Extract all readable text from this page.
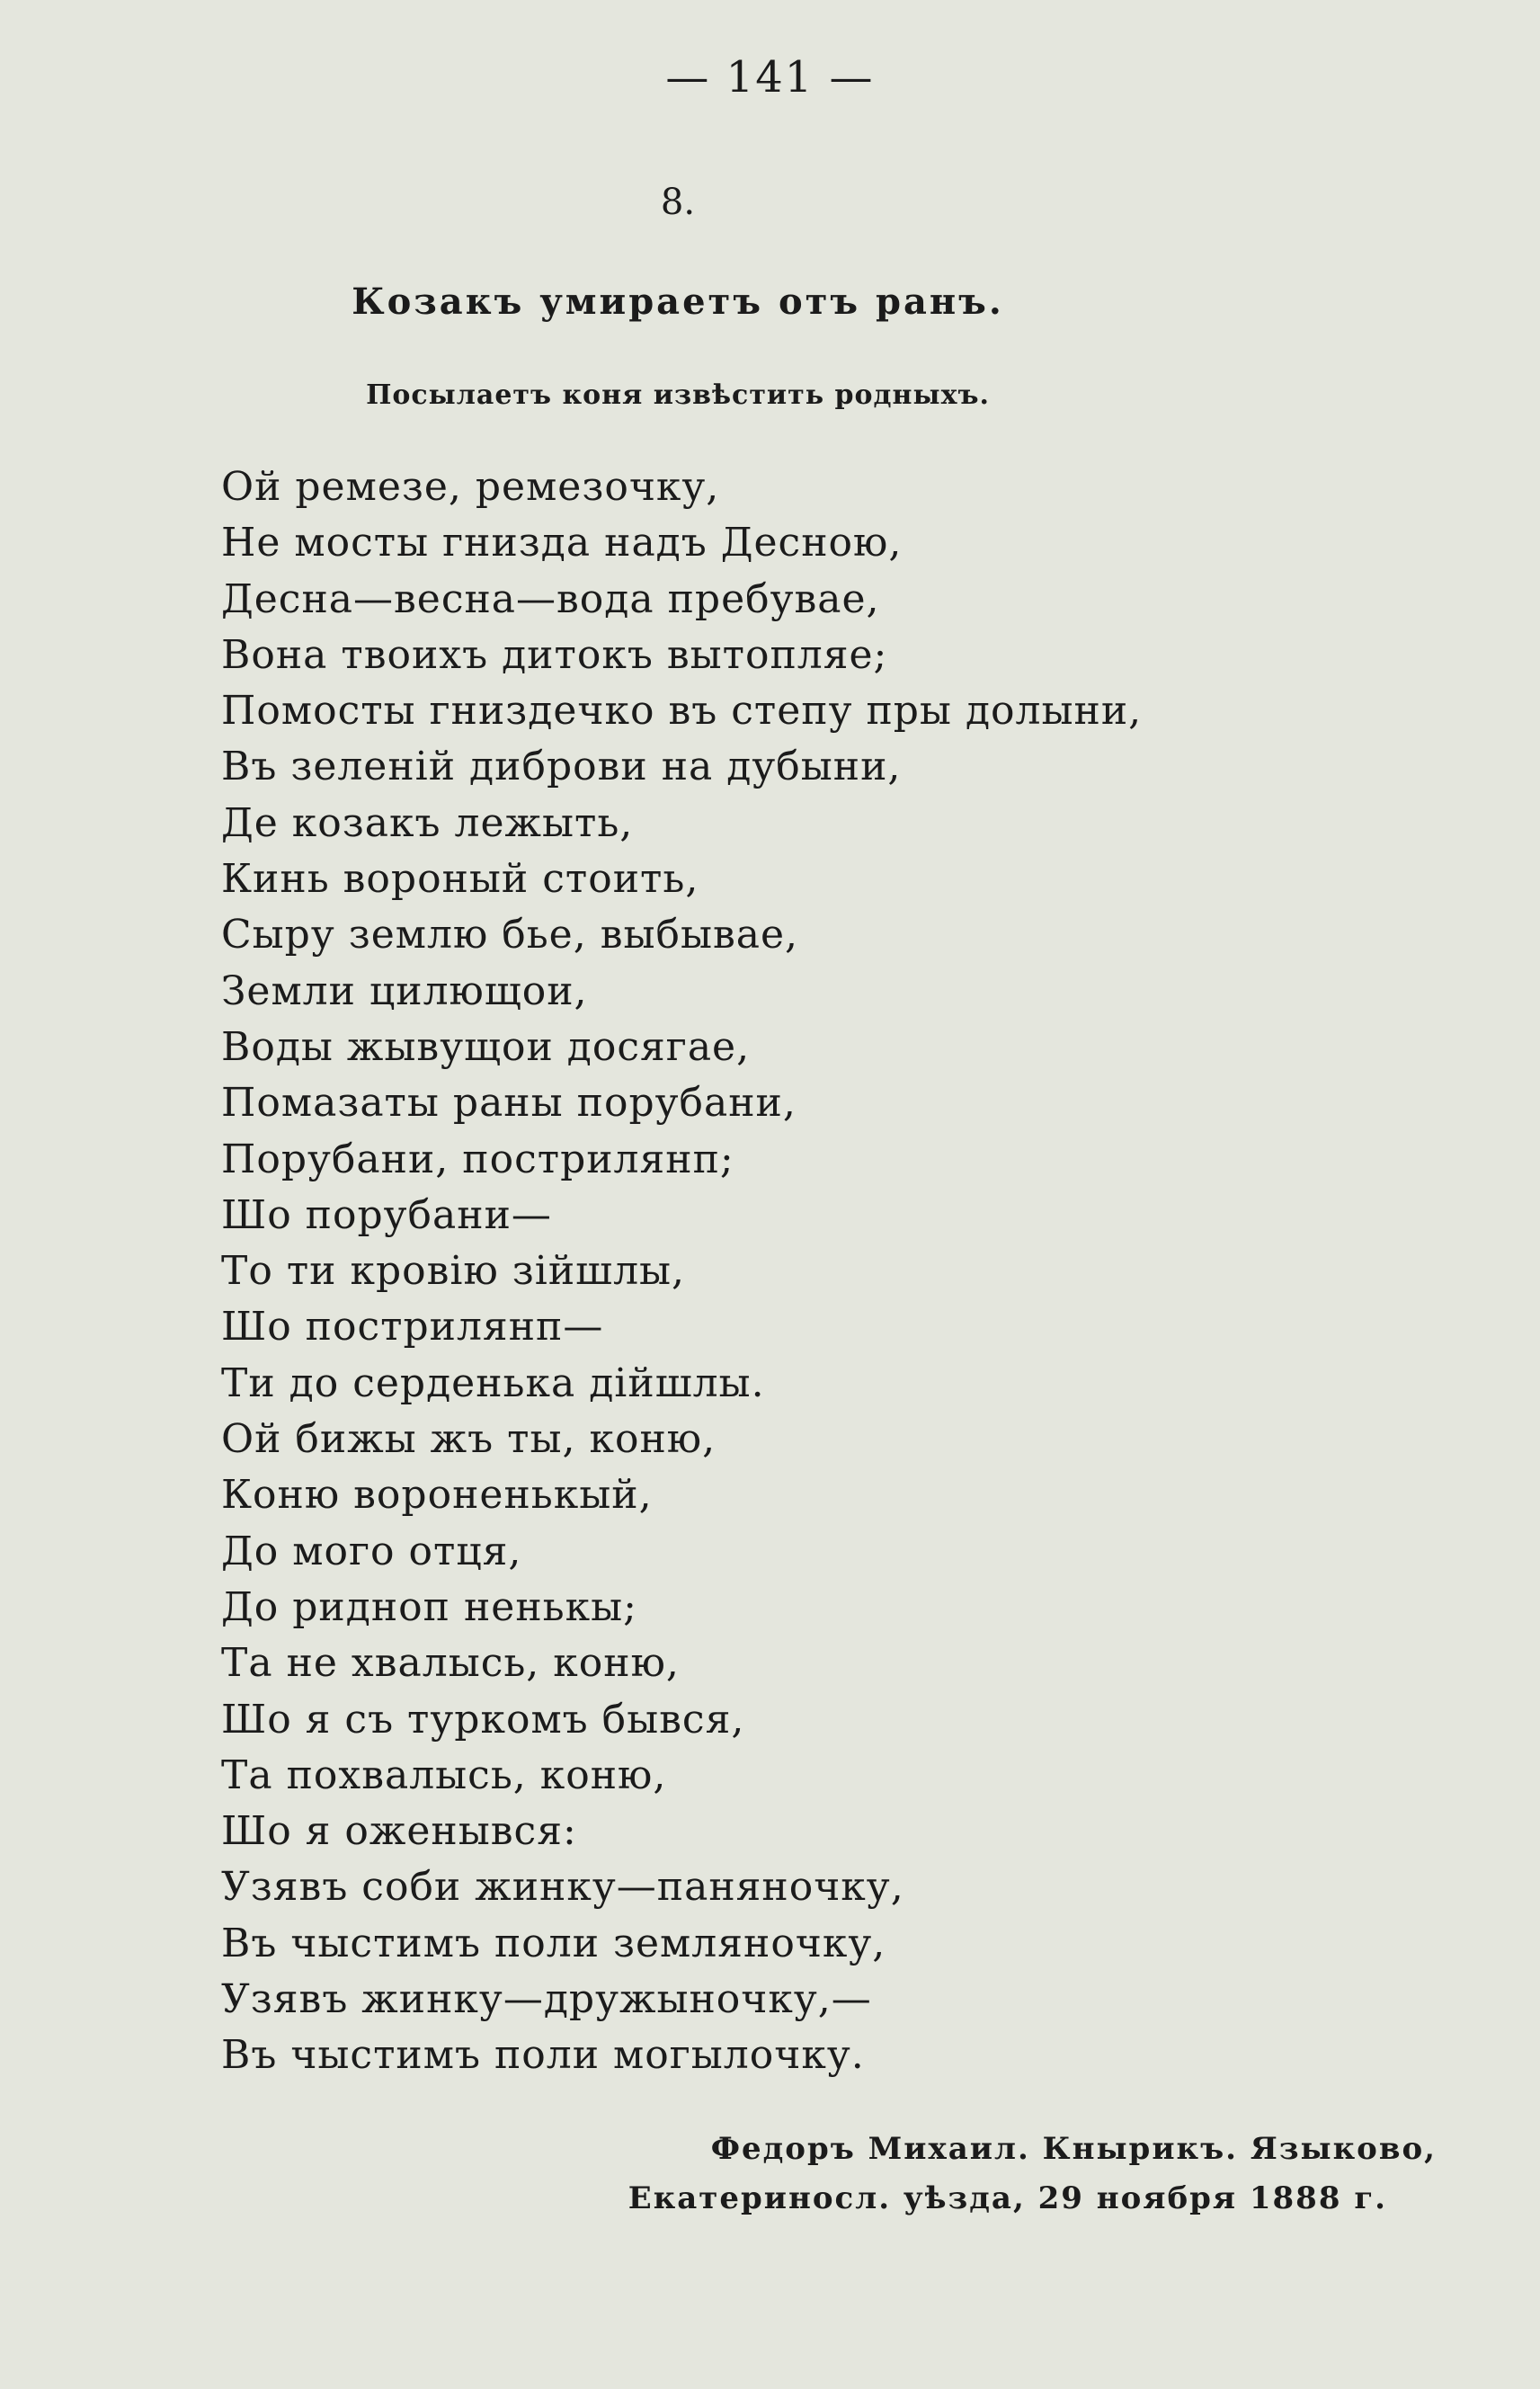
— 141 —
8.
Козакъ умираетъ отъ ранъ.
Посылаетъ коня извѣстить родныхъ.
Ой ремезе, ремезочку,
Не мосты гнизда надъ Десною,
Десна—весна—вода пребувае,
Вона твоихъ дитокъ вытопляе;
Помосты гниздечко въ степу пры долыни,
Въ зеленій диброви на дубыни,
Де козакъ лежыть,
Кинь вороный стоить,
Сыру землю бье, выбывае,
Земли цилющои,
Воды жывущои досягае,
Помазаты раны порубани,
Порубани, пострилянп;
Шо порубани—
То ти кровію зійшлы,
Шо пострилянп—
Ти до серденька дійшлы.
Ой бижы жъ ты, коню,
Коню вороненькый,
До мого отця,
До ридноп ненькы;
Та не хвалысь, коню,
Шо я съ туркомъ бывся,
Та похвалысь, коню,
Шо я оженывся:
Узявъ соби жинку—паняночку,
Въ чыстимъ поли земляночку,
Узявъ жинку—дружыночку,—
Въ чыстимъ поли могылочку.
Федоръ Михаил. Кнырикъ. Языково,
Екатериносл. уѣзда, 29 ноября 1888 г.
